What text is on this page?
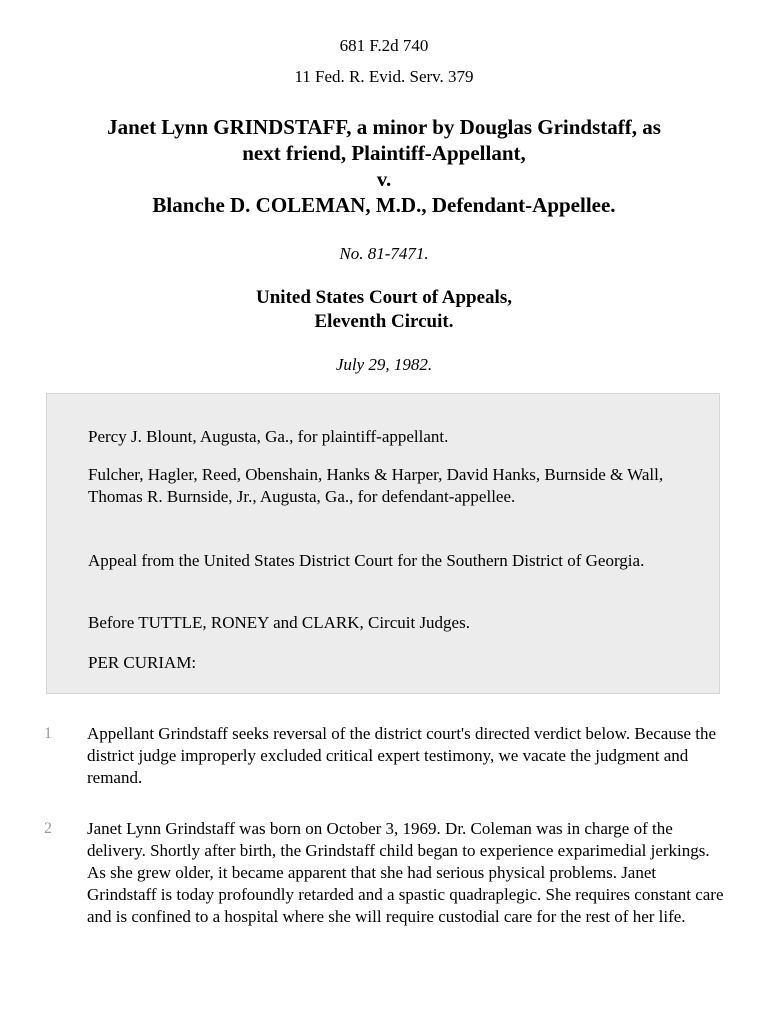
681 F.2d 740
11 Fed. R. Evid. Serv. 379
Janet Lynn GRINDSTAFF, a minor by Douglas Grindstaff, as
next friend, Plaintiff-Appellant,
v.
Blanche D. COLEMAN, M.D., Defendant-Appellee.
No. 81-7471.
United States Court of Appeals,
Eleventh Circuit.
July 29, 1982.
Percy J. Blount, Augusta, Ga., for plaintiff-appellant.
Fulcher, Hagler, Reed, Obenshain, Hanks & Harper, David Hanks, Burnside & Wall, Thomas R. Burnside, Jr., Augusta, Ga., for defendant-appellee.
Appeal from the United States District Court for the Southern District of Georgia.
Before TUTTLE, RONEY and CLARK, Circuit Judges.
PER CURIAM:
1	Appellant Grindstaff seeks reversal of the district court's directed verdict below. Because the district judge improperly excluded critical expert testimony, we vacate the judgment and remand.
2	Janet Lynn Grindstaff was born on October 3, 1969. Dr. Coleman was in charge of the delivery. Shortly after birth, the Grindstaff child began to experience exparimedial jerkings. As she grew older, it became apparent that she had serious physical problems. Janet Grindstaff is today profoundly retarded and a spastic quadraplegic. She requires constant care and is confined to a hospital where she will require custodial care for the rest of her life.
